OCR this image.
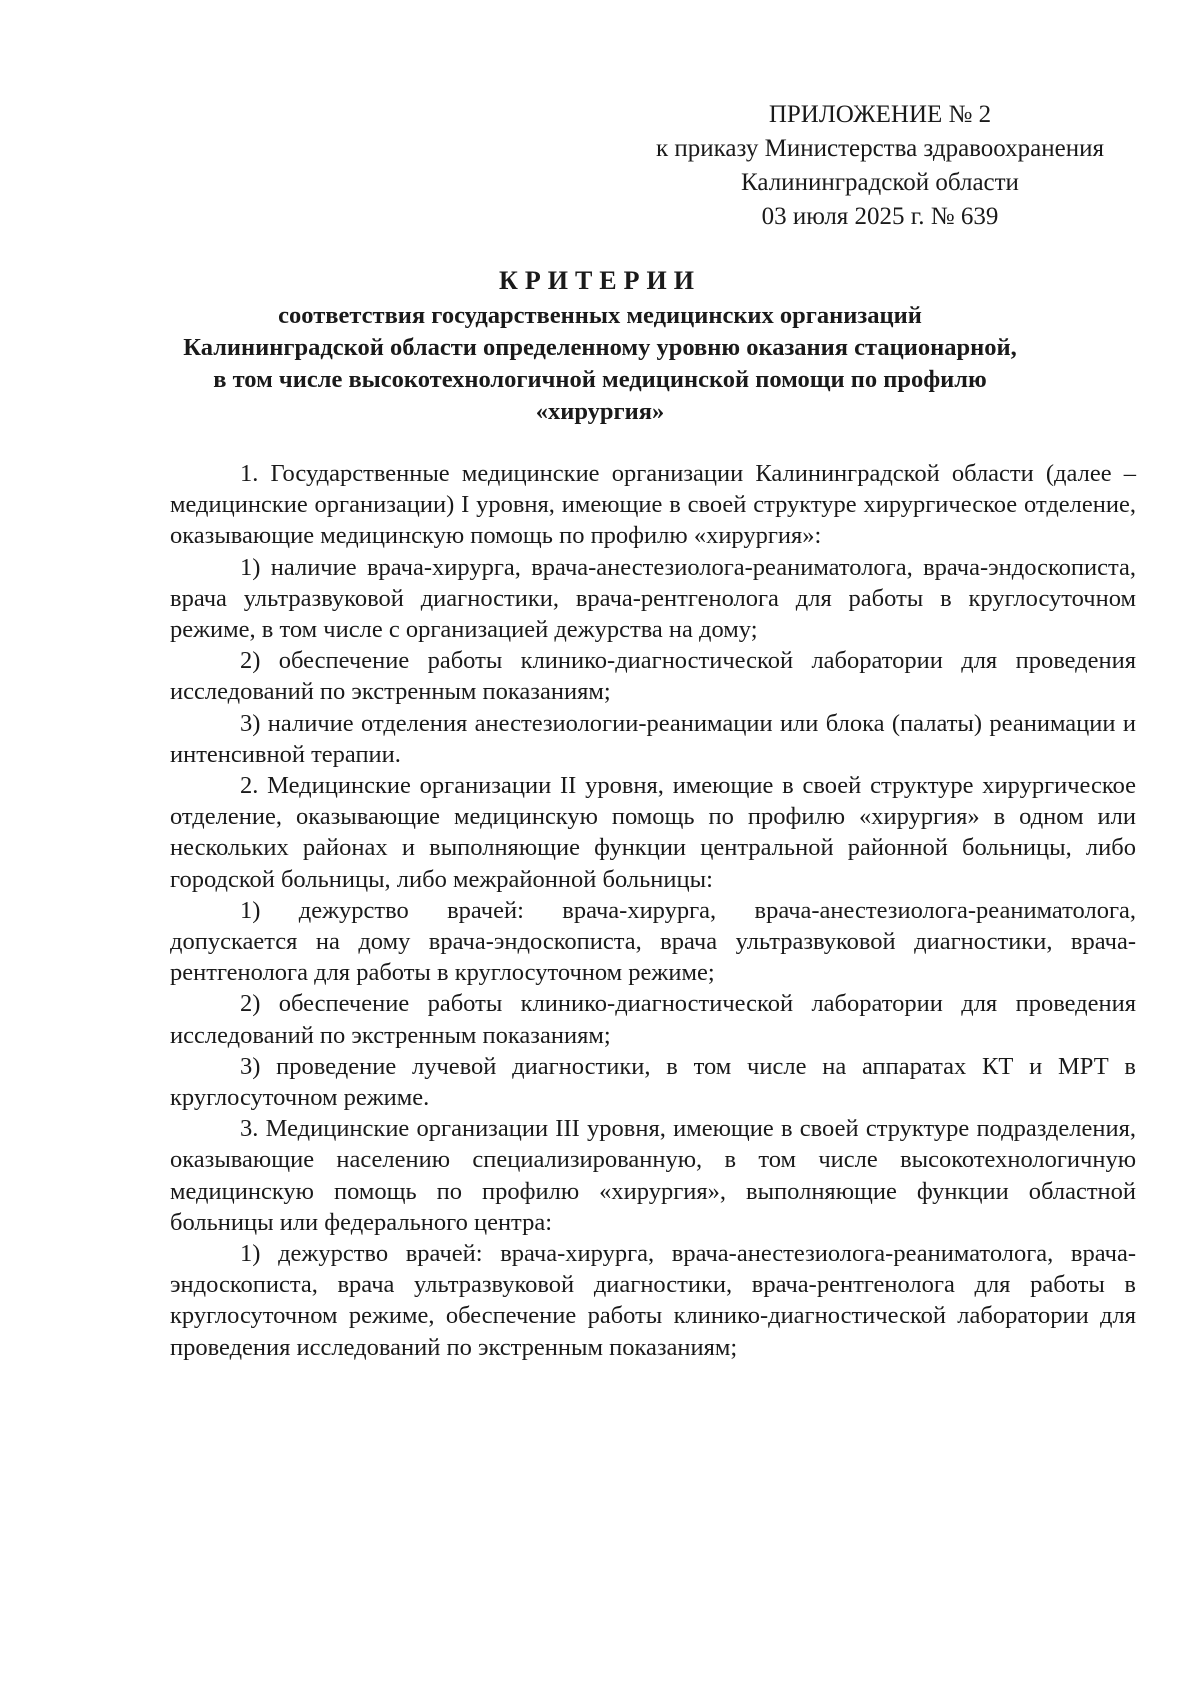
ПРИЛОЖЕНИЕ № 2
к приказу Министерства здравоохранения
Калининградской области
03 июля 2025 г. № 639
КРИТЕРИИ
соответствия государственных медицинских организаций
Калининградской области определенному уровню оказания стационарной,
в том числе высокотехнологичной медицинской помощи по профилю
«хирургия»

1. Государственные медицинские организации Калининградской области (далее – медицинские организации) I уровня, имеющие в своей структуре хирургическое отделение, оказывающие медицинскую помощь по профилю «хирургия»:

1) наличие врача-хирурга, врача-анестезиолога-реаниматолога, врача-эндоскописта, врача ультразвуковой диагностики, врача-рентгенолога для работы в круглосуточном режиме, в том числе с организацией дежурства на дому;

2) обеспечение работы клинико-диагностической лаборатории для проведения исследований по экстренным показаниям;

3) наличие отделения анестезиологии-реанимации или блока (палаты) реанимации и интенсивной терапии.

2. Медицинские организации II уровня, имеющие в своей структуре хирургическое отделение, оказывающие медицинскую помощь по профилю «хирургия» в одном или нескольких районах и выполняющие функции центральной районной больницы, либо городской больницы, либо межрайонной больницы:

1) дежурство врачей: врача-хирурга, врача-анестезиолога-реаниматолога, допускается на дому врача-эндоскописта, врача ультразвуковой диагностики, врача-рентгенолога для работы в круглосуточном режиме;

2) обеспечение работы клинико-диагностической лаборатории для проведения исследований по экстренным показаниям;

3) проведение лучевой диагностики, в том числе на аппаратах КТ и МРТ в круглосуточном режиме.

3. Медицинские организации III уровня, имеющие в своей структуре подразделения, оказывающие населению специализированную, в том числе высокотехнологичную медицинскую помощь по профилю «хирургия», выполняющие функции областной больницы или федерального центра:

1) дежурство врачей: врача-хирурга, врача-анестезиолога-реаниматолога, врача-эндоскописта, врача ультразвуковой диагностики, врача-рентгенолога для работы в круглосуточном режиме, обеспечение работы клинико-диагностической лаборатории для проведения исследований по экстренным показаниям;
